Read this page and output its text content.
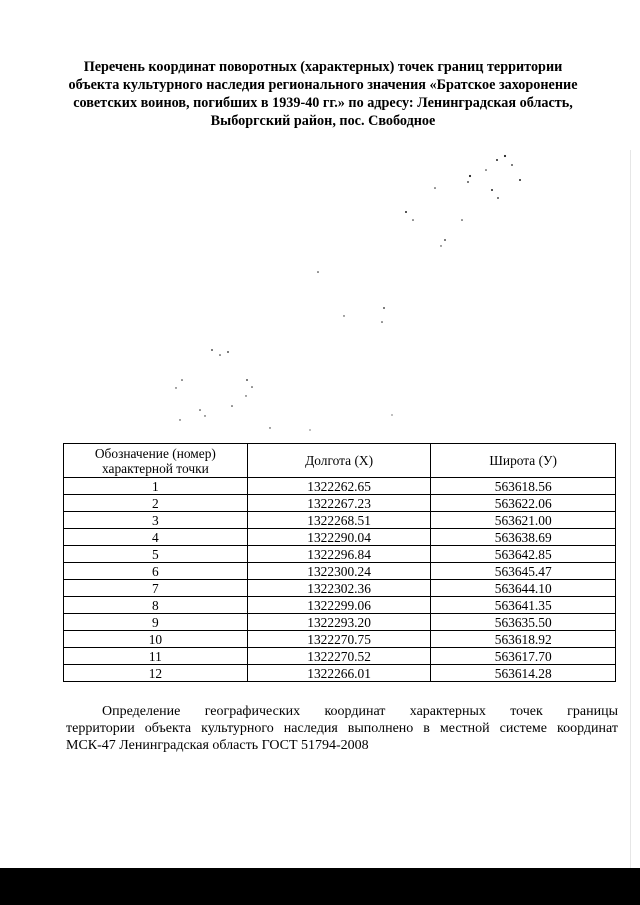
Перечень координат поворотных (характерных) точек границ территории
объекта культурного наследия регионального значения «Братское захоронение
советских воинов, погибших в 1939-40 гг.» по адресу: Ленинградская область,
Выборгский район, пос. Свободное
Обозначение (номер)
характерной точки	Долгота (Х)	Широта (У)
1	1322262.65	563618.56
2	1322267.23	563622.06
3	1322268.51	563621.00
4	1322290.04	563638.69
5	1322296.84	563642.85
6	1322300.24	563645.47
7	1322302.36	563644.10
8	1322299.06	563641.35
9	1322293.20	563635.50
10	1322270.75	563618.92
11	1322270.52	563617.70
12	1322266.01	563614.28
Определение географических координат характерных точек границы
территории объекта культурного наследия выполнено в местной системе координат
МСК-47 Ленинградская область ГОСТ 51794-2008
